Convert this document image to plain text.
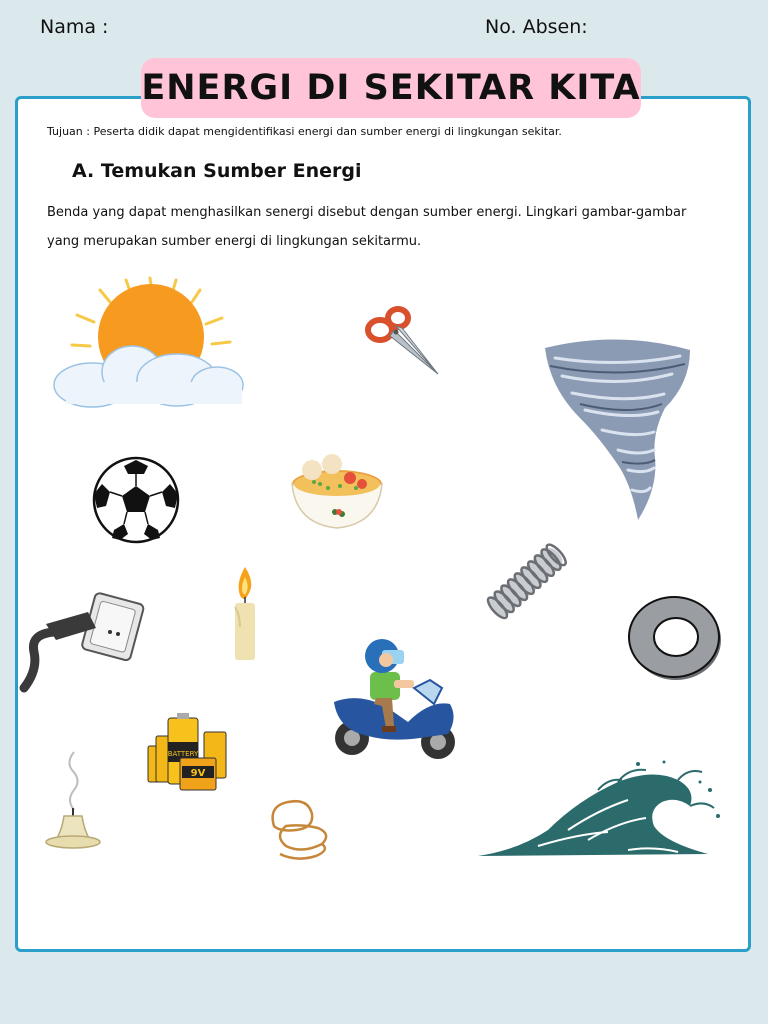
Nama :	No. Absen:
ENERGI DI SEKITAR KITA
Tujuan : Peserta didik dapat mengidentifikasi energi dan sumber energi di lingkungan sekitar.
A. Temukan Sumber Energi
Benda yang dapat menghasilkan senergi disebut dengan sumber energi. Lingkari gambar-gambar yang merupakan sumber energi di lingkungan sekitarmu.
BATTERY
9V
